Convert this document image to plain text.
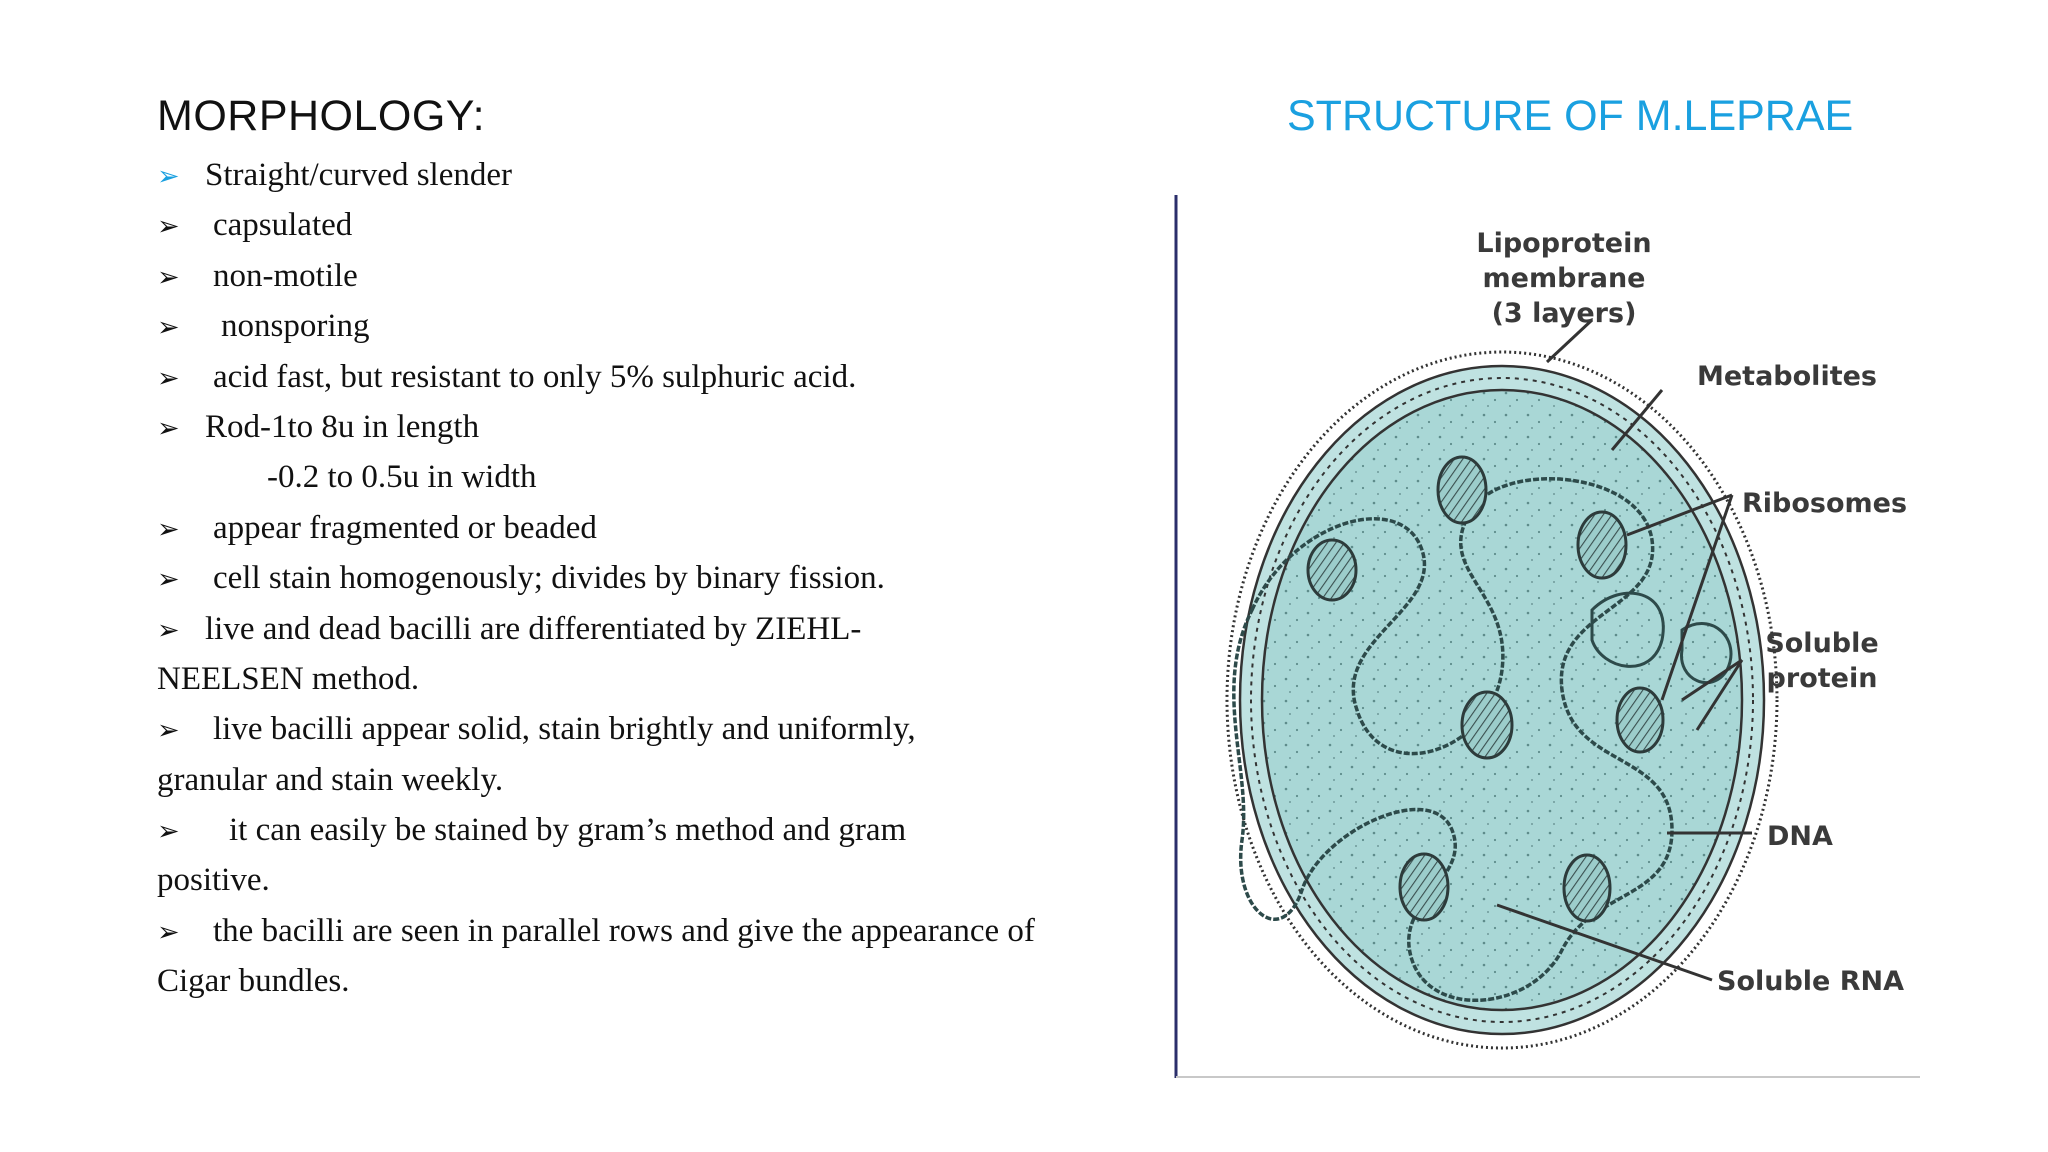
MORPHOLOGY:	STRUCTURE OF M.LEPRAE
➢ Straight/curved slender
➢ capsulated
➢ non-motile
➢ nonsporing
➢ acid fast, but resistant to only 5% sulphuric acid.
➢ Rod-1to 8u in length
-0.2 to 0.5u in width
➢ appear fragmented or beaded
➢ cell stain homogenously; divides by binary fission.
➢ live and dead bacilli are differentiated by ZIEHL-
NEELSEN method.
➢ live bacilli appear solid, stain brightly and uniformly,
granular and stain weekly.
➢ it can easily be stained by gram’s method and gram
positive.
➢ the bacilli are seen in parallel rows and give the appearance of
Cigar bundles.
Lipoprotein
membrane
(3 layers)
Metabolites
Ribosomes
Soluble
protein
DNA
Soluble RNA
